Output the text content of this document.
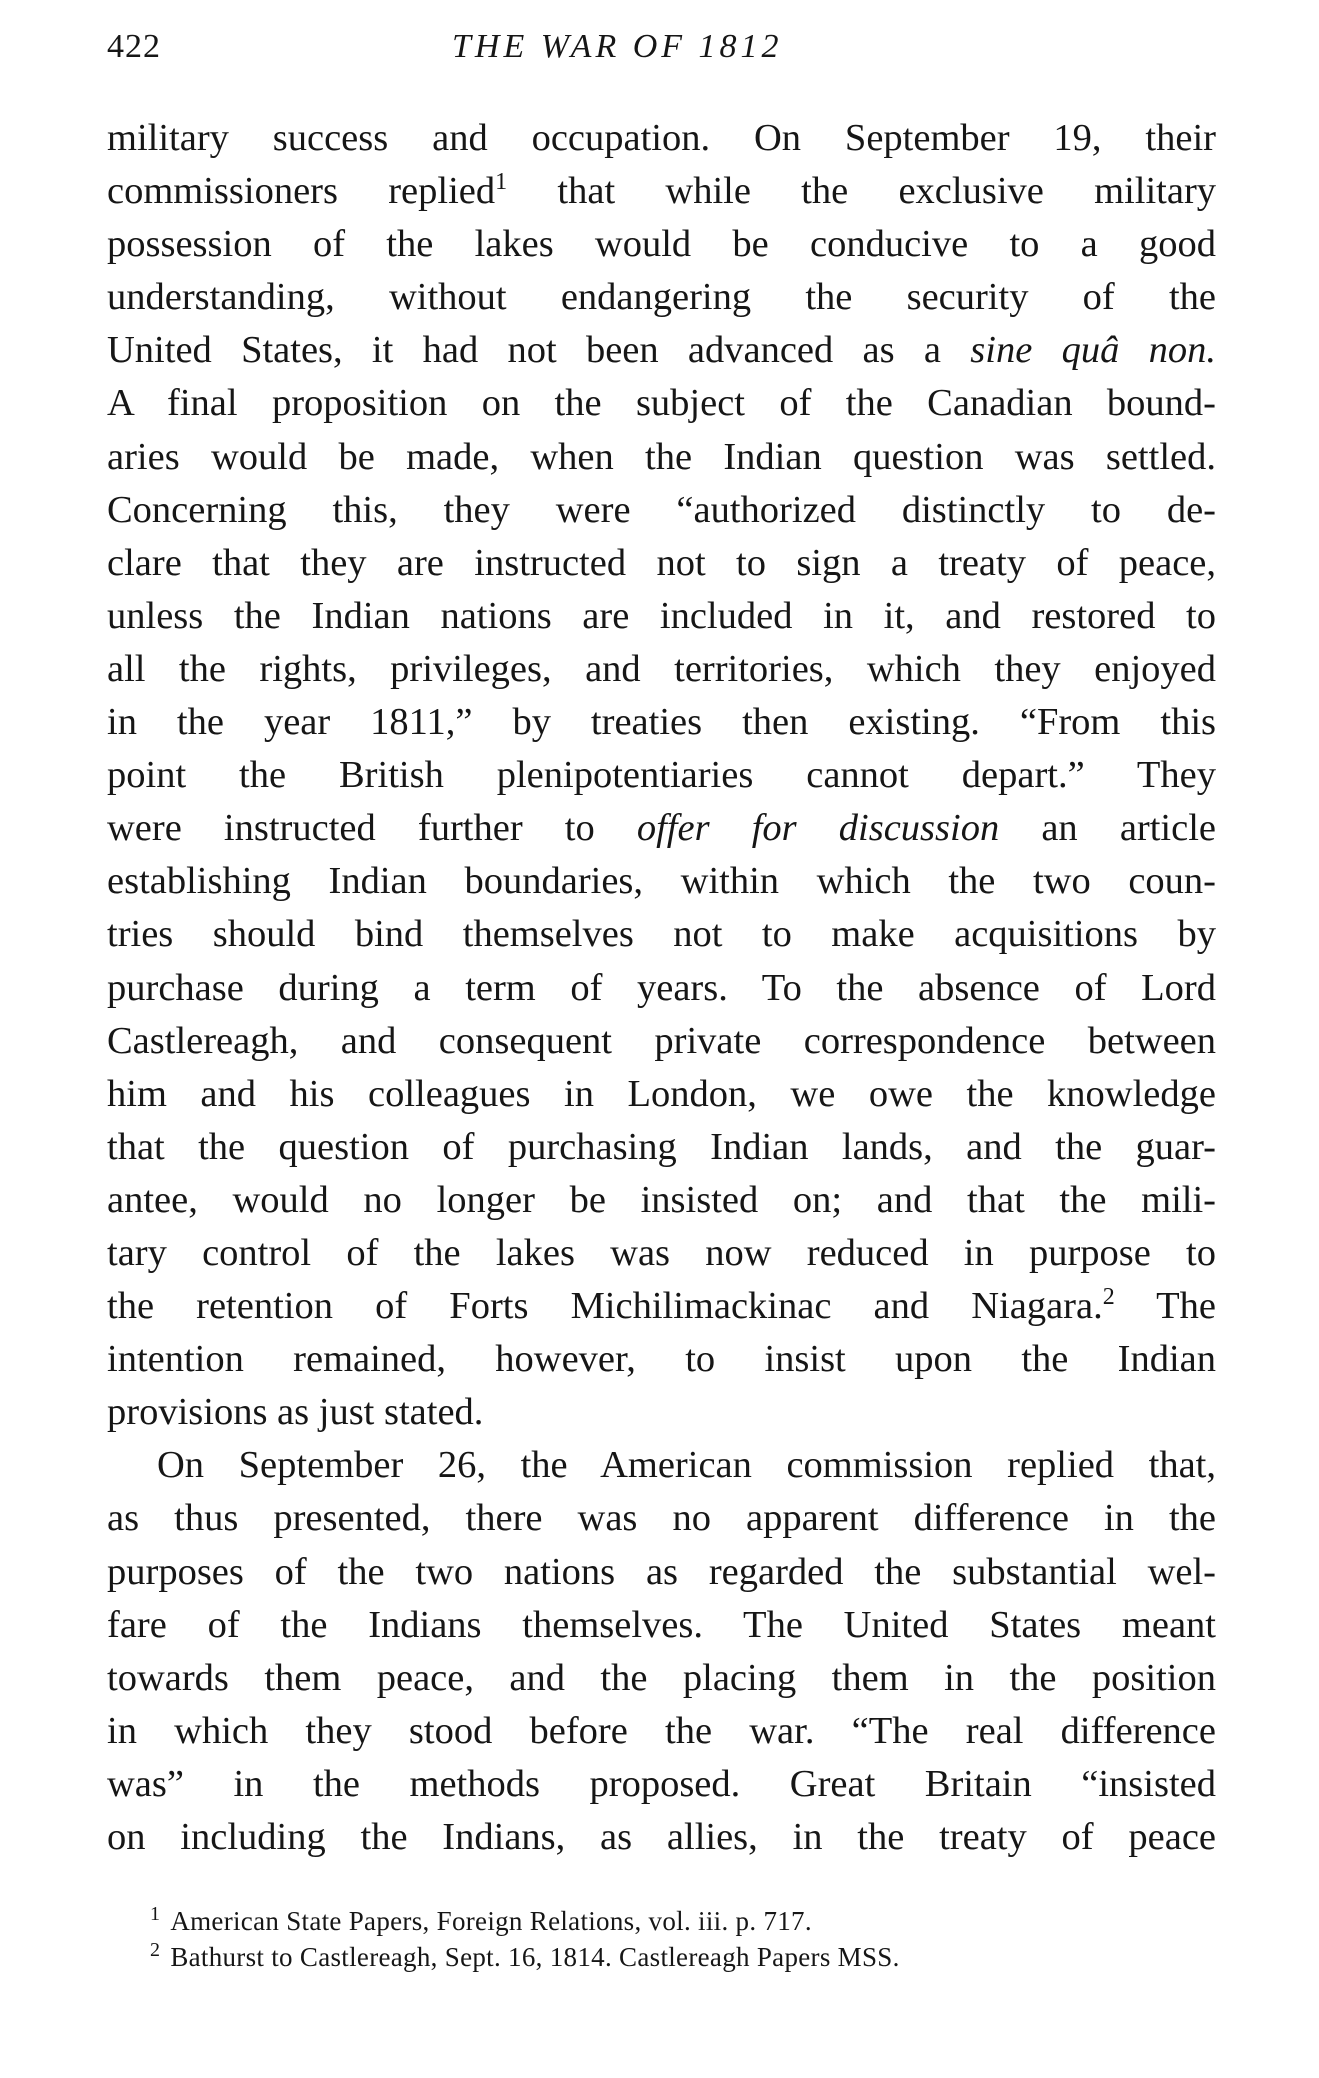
422	THE WAR OF 1812
military success and occupation. On September 19, their
commissioners replied$^1$ that while the exclusive military
possession of the lakes would be conducive to a good
understanding, without endangering the security of the
United States, it had not been advanced as a sine quâ non.
A final proposition on the subject of the Canadian bound-
aries would be made, when the Indian question was settled.
Concerning this, they were “authorized distinctly to de-
clare that they are instructed not to sign a treaty of peace,
unless the Indian nations are included in it, and restored to
all the rights, privileges, and territories, which they enjoyed
in the year 1811,” by treaties then existing. “From this
point the British plenipotentiaries cannot depart.” They
were instructed further to offer for discussion an article
establishing Indian boundaries, within which the two coun-
tries should bind themselves not to make acquisitions by
purchase during a term of years. To the absence of Lord
Castlereagh, and consequent private correspondence between
him and his colleagues in London, we owe the knowledge
that the question of purchasing Indian lands, and the guar-
antee, would no longer be insisted on; and that the mili-
tary control of the lakes was now reduced in purpose to
the retention of Forts Michilimackinac and Niagara.$^2$ The
intention remained, however, to insist upon the Indian
provisions as just stated.
On September 26, the American commission replied that,
as thus presented, there was no apparent difference in the
purposes of the two nations as regarded the substantial wel-
fare of the Indians themselves. The United States meant
towards them peace, and the placing them in the position
in which they stood before the war. “The real difference
was” in the methods proposed. Great Britain “insisted
on including the Indians, as allies, in the treaty of peace
$^1$ American State Papers, Foreign Relations, vol. iii. p. 717.
$^2$ Bathurst to Castlereagh, Sept. 16, 1814. Castlereagh Papers MSS.
